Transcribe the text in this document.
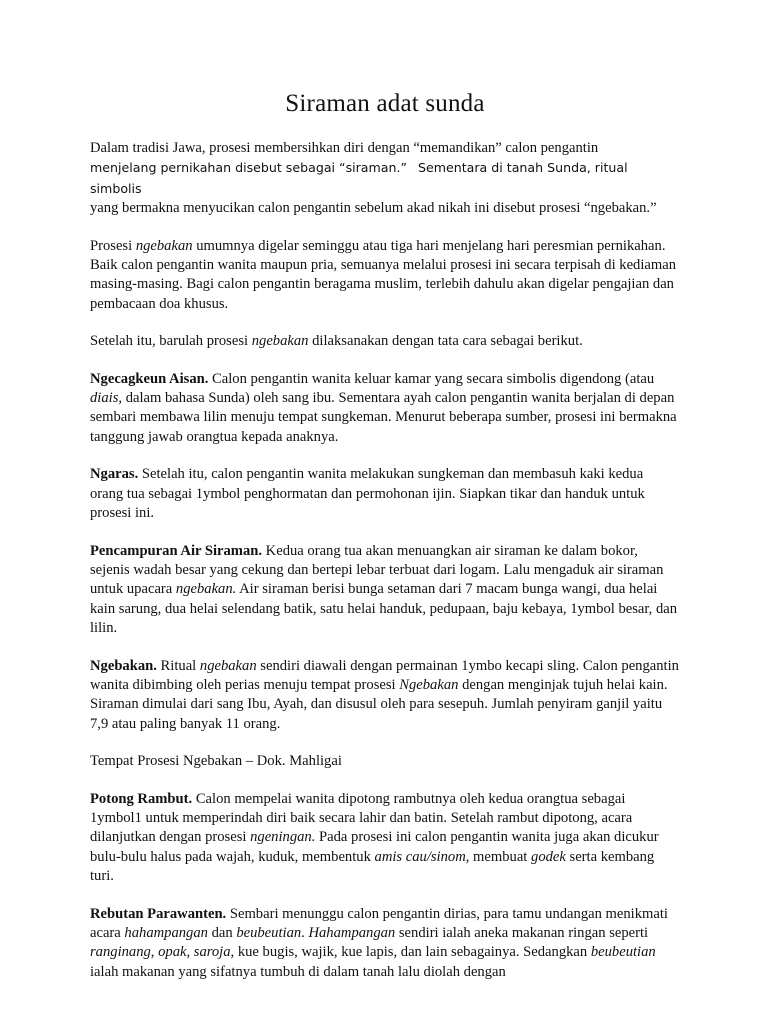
Siraman adat sunda

Dalam tradisi Jawa, prosesi membersihkan diri dengan “memandikan” calon pengantin
menjelang pernikahan disebut sebagai “siraman.” Sementara di tanah Sunda, ritual simbolis
yang bermakna menyucikan calon pengantin sebelum akad nikah ini disebut prosesi “ngebakan.”

Prosesi ngebakan umumnya digelar seminggu atau tiga hari menjelang hari peresmian pernikahan. Baik calon pengantin wanita maupun pria, semuanya melalui prosesi ini secara terpisah di kediaman masing-masing. Bagi calon pengantin beragama muslim, terlebih dahulu akan digelar pengajian dan pembacaan doa khusus.

Setelah itu, barulah prosesi ngebakan dilaksanakan dengan tata cara sebagai berikut.

Ngecagkeun Aisan. Calon pengantin wanita keluar kamar yang secara simbolis digendong (atau diais, dalam bahasa Sunda) oleh sang ibu. Sementara ayah calon pengantin wanita berjalan di depan sembari membawa lilin menuju tempat sungkeman. Menurut beberapa sumber, prosesi ini bermakna tanggung jawab orangtua kepada anaknya.

Ngaras. Setelah itu, calon pengantin wanita melakukan sungkeman dan membasuh kaki kedua orang tua sebagai 1ymbol penghormatan dan permohonan ijin. Siapkan tikar dan handuk untuk prosesi ini.

Pencampuran Air Siraman. Kedua orang tua akan menuangkan air siraman ke dalam bokor, sejenis wadah besar yang cekung dan bertepi lebar terbuat dari logam. Lalu mengaduk air siraman untuk upacara ngebakan. Air siraman berisi bunga setaman dari 7 macam bunga wangi, dua helai kain sarung, dua helai selendang batik, satu helai handuk, pedupaan, baju kebaya, 1ymbol besar, dan lilin.

Ngebakan. Ritual ngebakan sendiri diawali dengan permainan 1ymbo kecapi sling. Calon pengantin wanita dibimbing oleh perias menuju tempat prosesi Ngebakan dengan menginjak tujuh helai kain. Siraman dimulai dari sang Ibu, Ayah, dan disusul oleh para sesepuh. Jumlah penyiram ganjil yaitu 7,9 atau paling banyak 11 orang.

Tempat Prosesi Ngebakan – Dok. Mahligai

Potong Rambut. Calon mempelai wanita dipotong rambutnya oleh kedua orangtua sebagai 1ymbol1 untuk memperindah diri baik secara lahir dan batin. Setelah rambut dipotong, acara dilanjutkan dengan prosesi ngeningan. Pada prosesi ini calon pengantin wanita juga akan dicukur bulu-bulu halus pada wajah, kuduk, membentuk amis cau/sinom, membuat godek serta kembang turi.

Rebutan Parawanten. Sembari menunggu calon pengantin dirias, para tamu undangan menikmati acara hahampangan dan beubeutian. Hahampangan sendiri ialah aneka makanan ringan seperti ranginang, opak, saroja, kue bugis, wajik, kue lapis, dan lain sebagainya. Sedangkan beubeutian ialah makanan yang sifatnya tumbuh di dalam tanah lalu diolah dengan
